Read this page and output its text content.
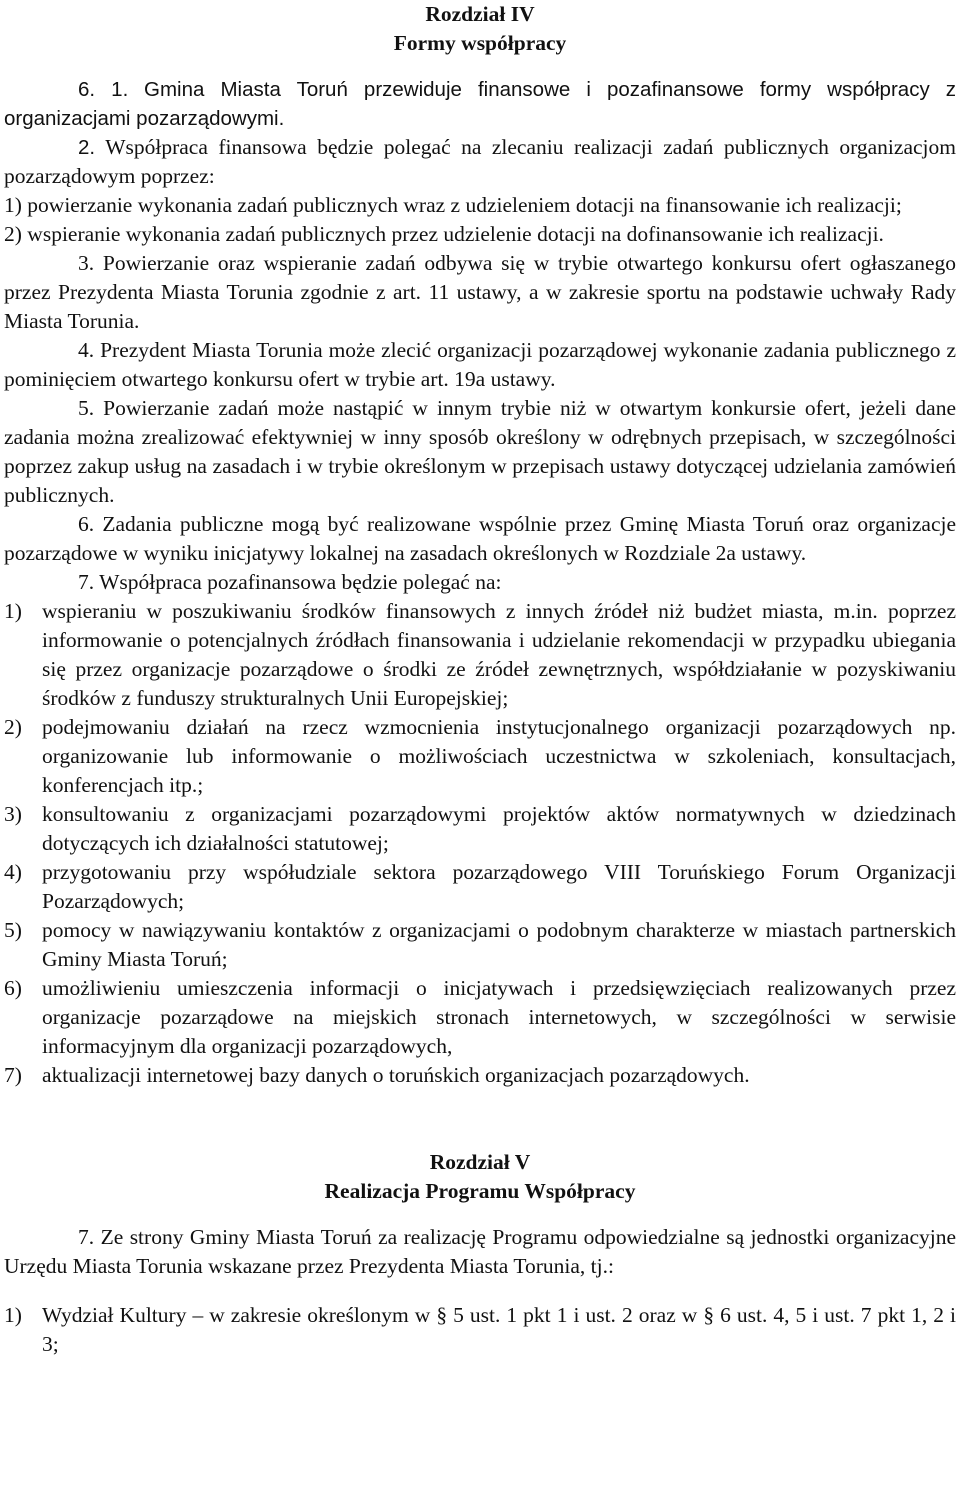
Rozdział IV

Formy współpracy

6. 1. Gmina Miasta Toruń przewiduje finansowe i pozafinansowe formy współpracy z organizacjami pozarządowymi.

2. Współpraca finansowa będzie polegać na zlecaniu realizacji zadań publicznych organizacjom pozarządowym poprzez:

1) powierzanie wykonania zadań publicznych wraz z udzieleniem dotacji na finansowanie ich realizacji;

2) wspieranie wykonania zadań publicznych przez udzielenie dotacji na dofinansowanie ich realizacji.

3. Powierzanie oraz wspieranie zadań odbywa się w trybie otwartego konkursu ofert ogłaszanego przez Prezydenta Miasta Torunia zgodnie z art. 11 ustawy, a w zakresie sportu na podstawie uchwały Rady Miasta Torunia.

4. Prezydent Miasta Torunia może zlecić organizacji pozarządowej wykonanie zadania publicznego z pominięciem otwartego konkursu ofert w trybie art. 19a ustawy.

5. Powierzanie zadań może nastąpić w innym trybie niż w otwartym konkursie ofert, jeżeli dane zadania można zrealizować efektywniej w inny sposób określony w odrębnych przepisach, w szczególności poprzez zakup usług na zasadach i w trybie określonym w przepisach ustawy dotyczącej udzielania zamówień publicznych.

6. Zadania publiczne mogą być realizowane wspólnie przez Gminę Miasta Toruń oraz organizacje pozarządowe w wyniku inicjatywy lokalnej na zasadach określonych w Rozdziale 2a ustawy.

7. Współpraca pozafinansowa będzie polegać na:

1) wspieraniu w poszukiwaniu środków finansowych z innych źródeł niż budżet miasta, m.in. poprzez informowanie o potencjalnych źródłach finansowania i udzielanie rekomendacji w przypadku ubiegania się przez organizacje pozarządowe o środki ze źródeł zewnętrznych, współdziałanie w pozyskiwaniu środków z funduszy strukturalnych Unii Europejskiej;
2) podejmowaniu działań na rzecz wzmocnienia instytucjonalnego organizacji pozarządowych np. organizowanie lub informowanie o możliwościach uczestnictwa w szkoleniach, konsultacjach, konferencjach itp.;
3) konsultowaniu z organizacjami pozarządowymi projektów aktów normatywnych w dziedzinach dotyczących ich działalności statutowej;
4) przygotowaniu przy współudziale sektora pozarządowego VIII Toruńskiego Forum Organizacji Pozarządowych;
5) pomocy w nawiązywaniu kontaktów z organizacjami o podobnym charakterze w miastach partnerskich Gminy Miasta Toruń;
6) umożliwieniu umieszczenia informacji o inicjatywach i przedsięwzięciach realizowanych przez organizacje pozarządowe na miejskich stronach internetowych, w szczególności w serwisie informacyjnym dla organizacji pozarządowych,
7) aktualizacji internetowej bazy danych o toruńskich organizacjach pozarządowych.

Rozdział V

Realizacja Programu Współpracy

7. Ze strony Gminy Miasta Toruń za realizację Programu odpowiedzialne są jednostki organizacyjne Urzędu Miasta Torunia wskazane przez Prezydenta Miasta Torunia, tj.:

1) Wydział Kultury – w zakresie określonym w § 5 ust. 1 pkt 1 i ust. 2 oraz w § 6 ust. 4, 5 i ust. 7 pkt 1, 2 i 3;
